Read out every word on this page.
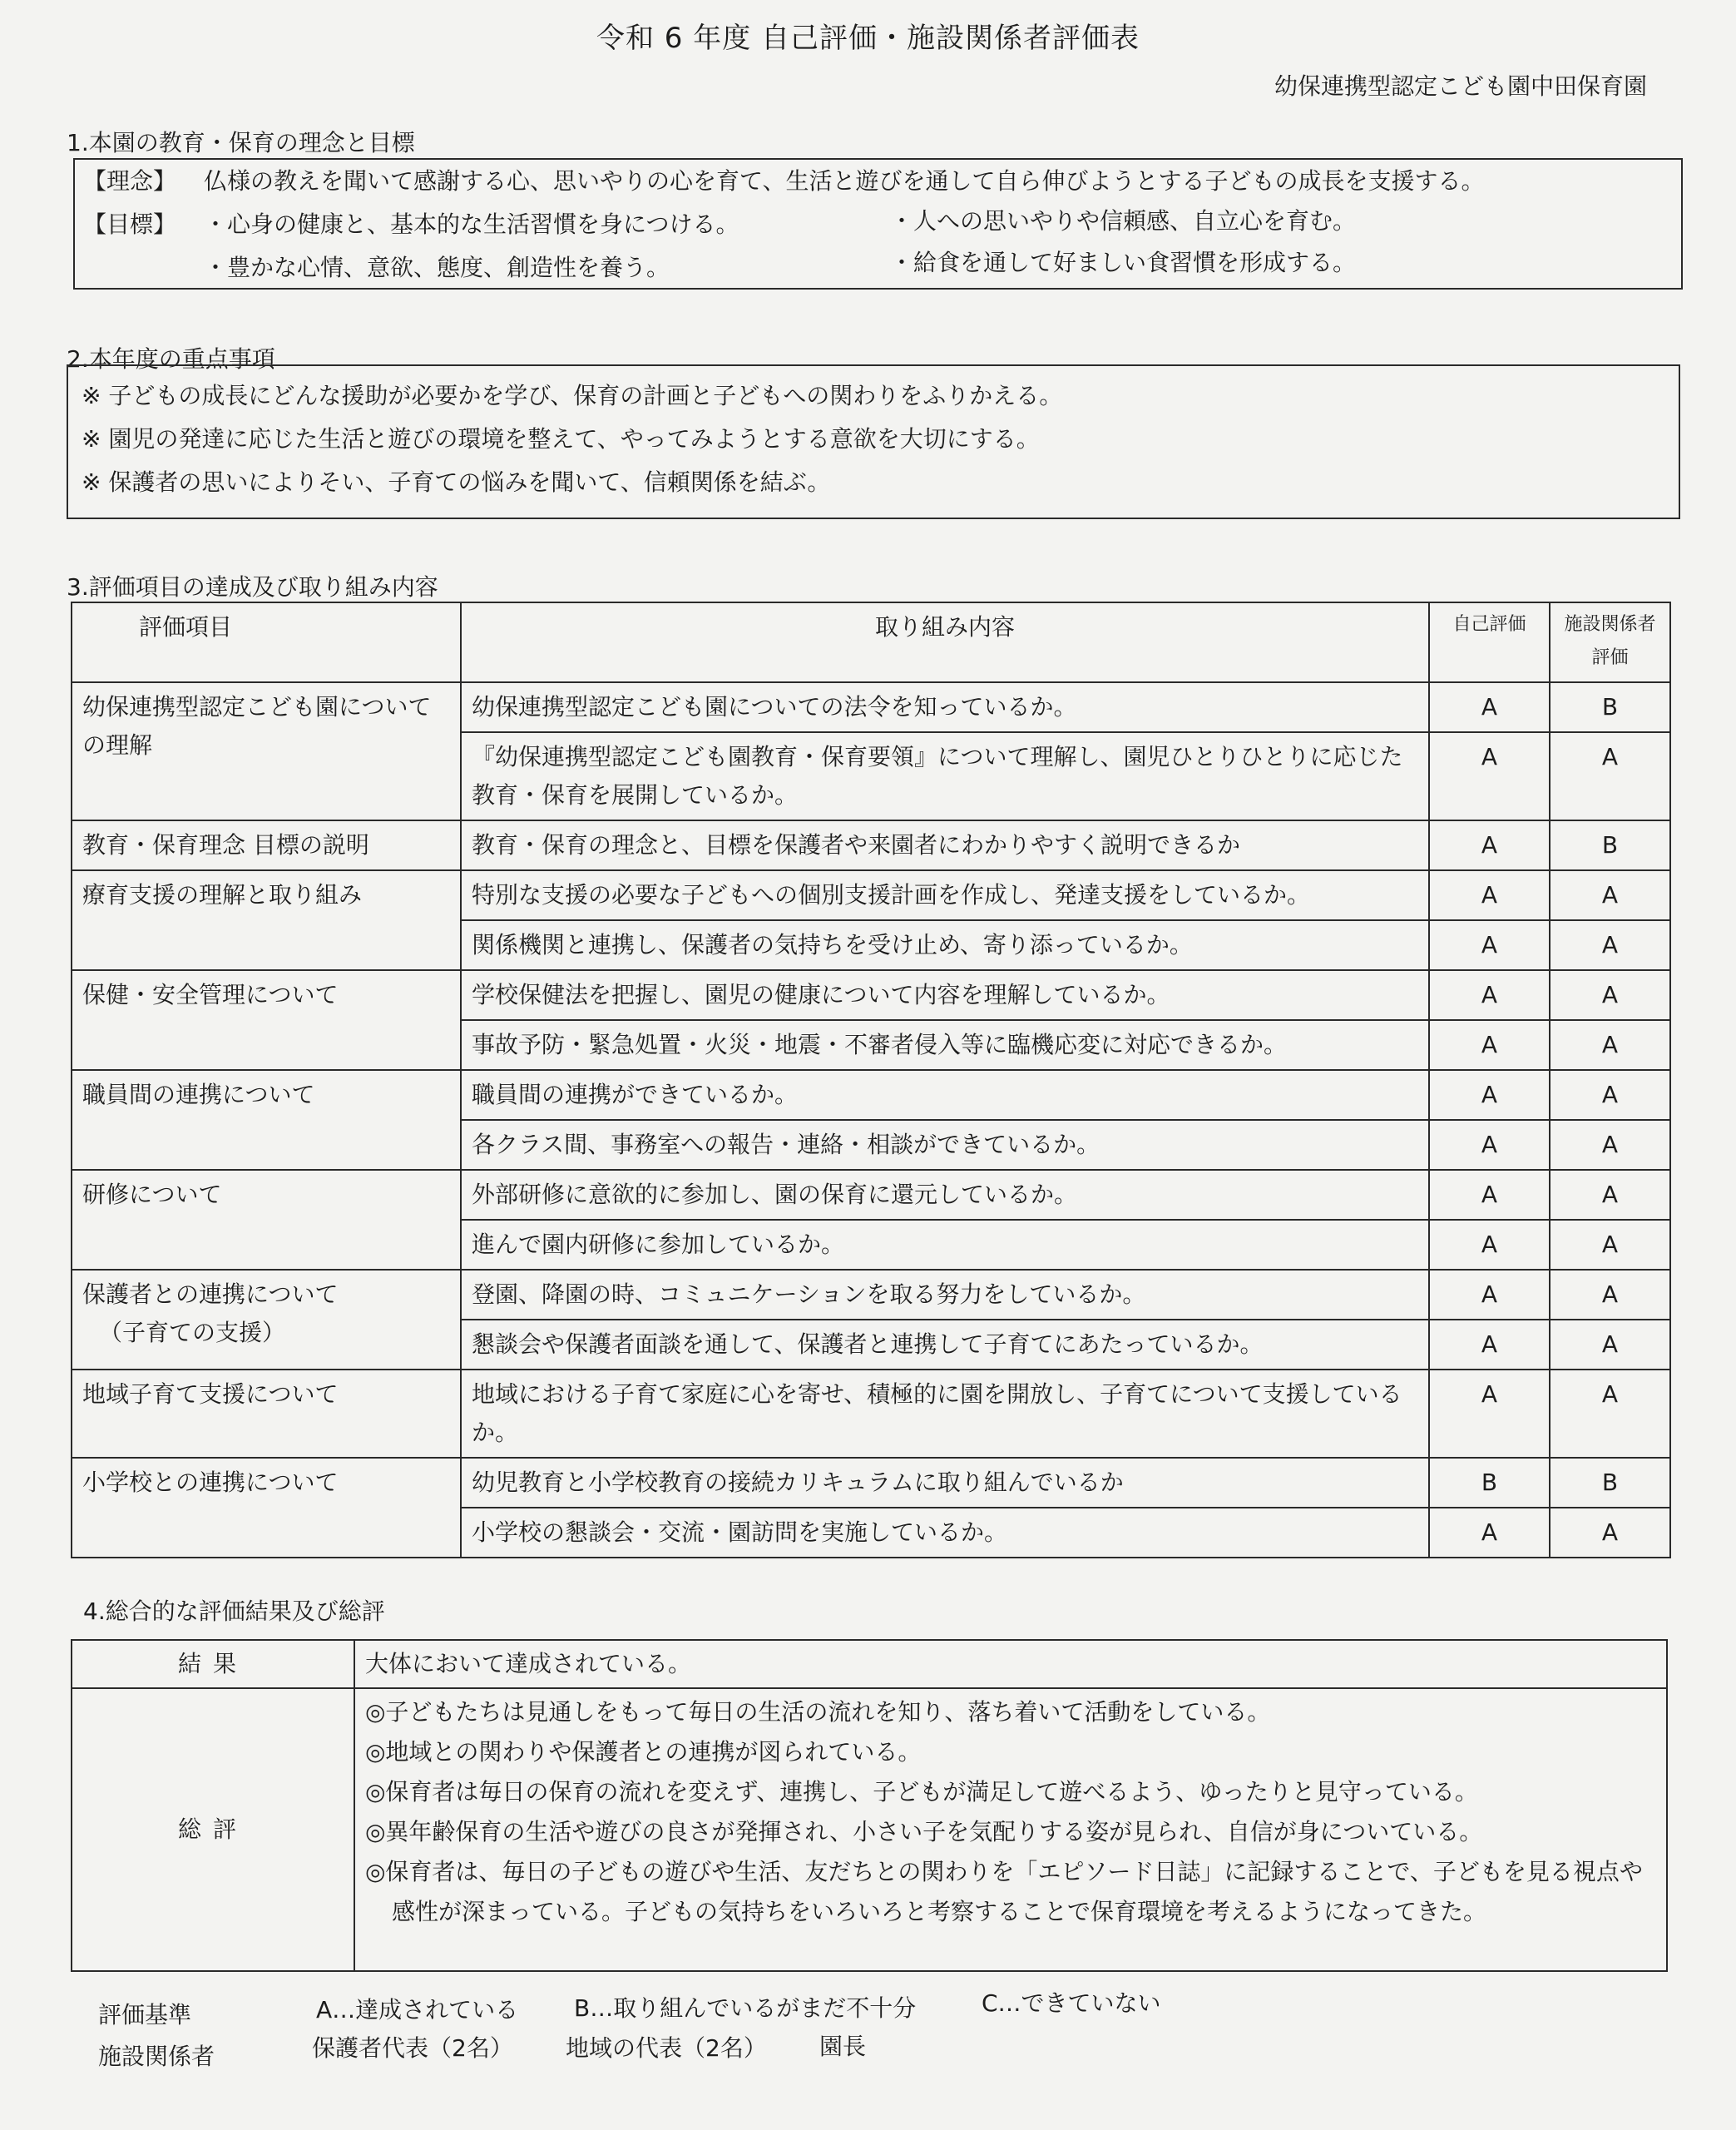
令和 6 年度 自己評価・施設関係者評価表
幼保連携型認定こども園中田保育園
1.本園の教育・保育の理念と目標
【理念】 仏様の教えを聞いて感謝する心、思いやりの心を育て、生活と遊びを通して自ら伸びようとする子どもの成長を支援する。
【目標】 ・心身の健康と、基本的な生活習慣を身につける。	・人への思いやりや信頼感、自立心を育む。
・豊かな心情、意欲、態度、創造性を養う。	・給食を通して好ましい食習慣を形成する。
2.本年度の重点事項
※ 子どもの成長にどんな援助が必要かを学び、保育の計画と子どもへの関わりをふりかえる。
※ 園児の発達に応じた生活と遊びの環境を整えて、やってみようとする意欲を大切にする。
※ 保護者の思いによりそい、子育ての悩みを聞いて、信頼関係を結ぶ。
3.評価項目の達成及び取り組み内容
評価項目	取り組み内容	自己評価	施設関係者
評価

幼保連携型認定こども園についての理解	幼保連携型認定こども園についての法令を知っているか。	A	B
	『幼保連携型認定こども園教育・保育要領』について理解し、園児ひとりひとりに応じた教育・保育を展開しているか。	A	A
教育・保育理念 目標の説明	教育・保育の理念と、目標を保護者や来園者にわかりやすく説明できるか	A	B
療育支援の理解と取り組み	特別な支援の必要な子どもへの個別支援計画を作成し、発達支援をしているか。	A	A
	関係機関と連携し、保護者の気持ちを受け止め、寄り添っているか。	A	A
保健・安全管理について	学校保健法を把握し、園児の健康について内容を理解しているか。	A	A
	事故予防・緊急処置・火災・地震・不審者侵入等に臨機応変に対応できるか。	A	A
職員間の連携について	職員間の連携ができているか。	A	A
	各クラス間、事務室への報告・連絡・相談ができているか。	A	A
研修について	外部研修に意欲的に参加し、園の保育に還元しているか。	A	A
	進んで園内研修に参加しているか。	A	A

保護者との連携について
（子育ての支援）	登園、降園の時、コミュニケーションを取る努力をしているか。	A	A
	懇談会や保護者面談を通して、保護者と連携して子育てにあたっているか。	A	A
地域子育て支援について	地域における子育て家庭に心を寄せ、積極的に園を開放し、子育てについて支援しているか。	A	A
小学校との連携について	幼児教育と小学校教育の接続カリキュラムに取り組んでいるか	B	B
	小学校の懇談会・交流・園訪問を実施しているか。	A	A
4.総合的な評価結果及び総評
結果	大体において達成されている。
総評	◎子どもたちは見通しをもって毎日の生活の流れを知り、落ち着いて活動をしている。
◎地域との関わりや保護者との連携が図られている。
◎保育者は毎日の保育の流れを変えず、連携し、子どもが満足して遊べるよう、ゆったりと見守っている。
◎異年齢保育の生活や遊びの良さが発揮され、小さい子を気配りする姿が見られ、自信が身についている。
◎保育者は、毎日の子どもの遊びや生活、友だちとの関わりを「エピソード日誌」に記録することで、子どもを見る視点や感性が深まっている。子どもの気持ちをいろいろと考察することで保育環境を考えるようになってきた。
評価基準	A…達成されている B…取り組んでいるがまだ不十分	C…できていない
施設関係者	保護者代表（2名） 地域の代表（2名） 園長
